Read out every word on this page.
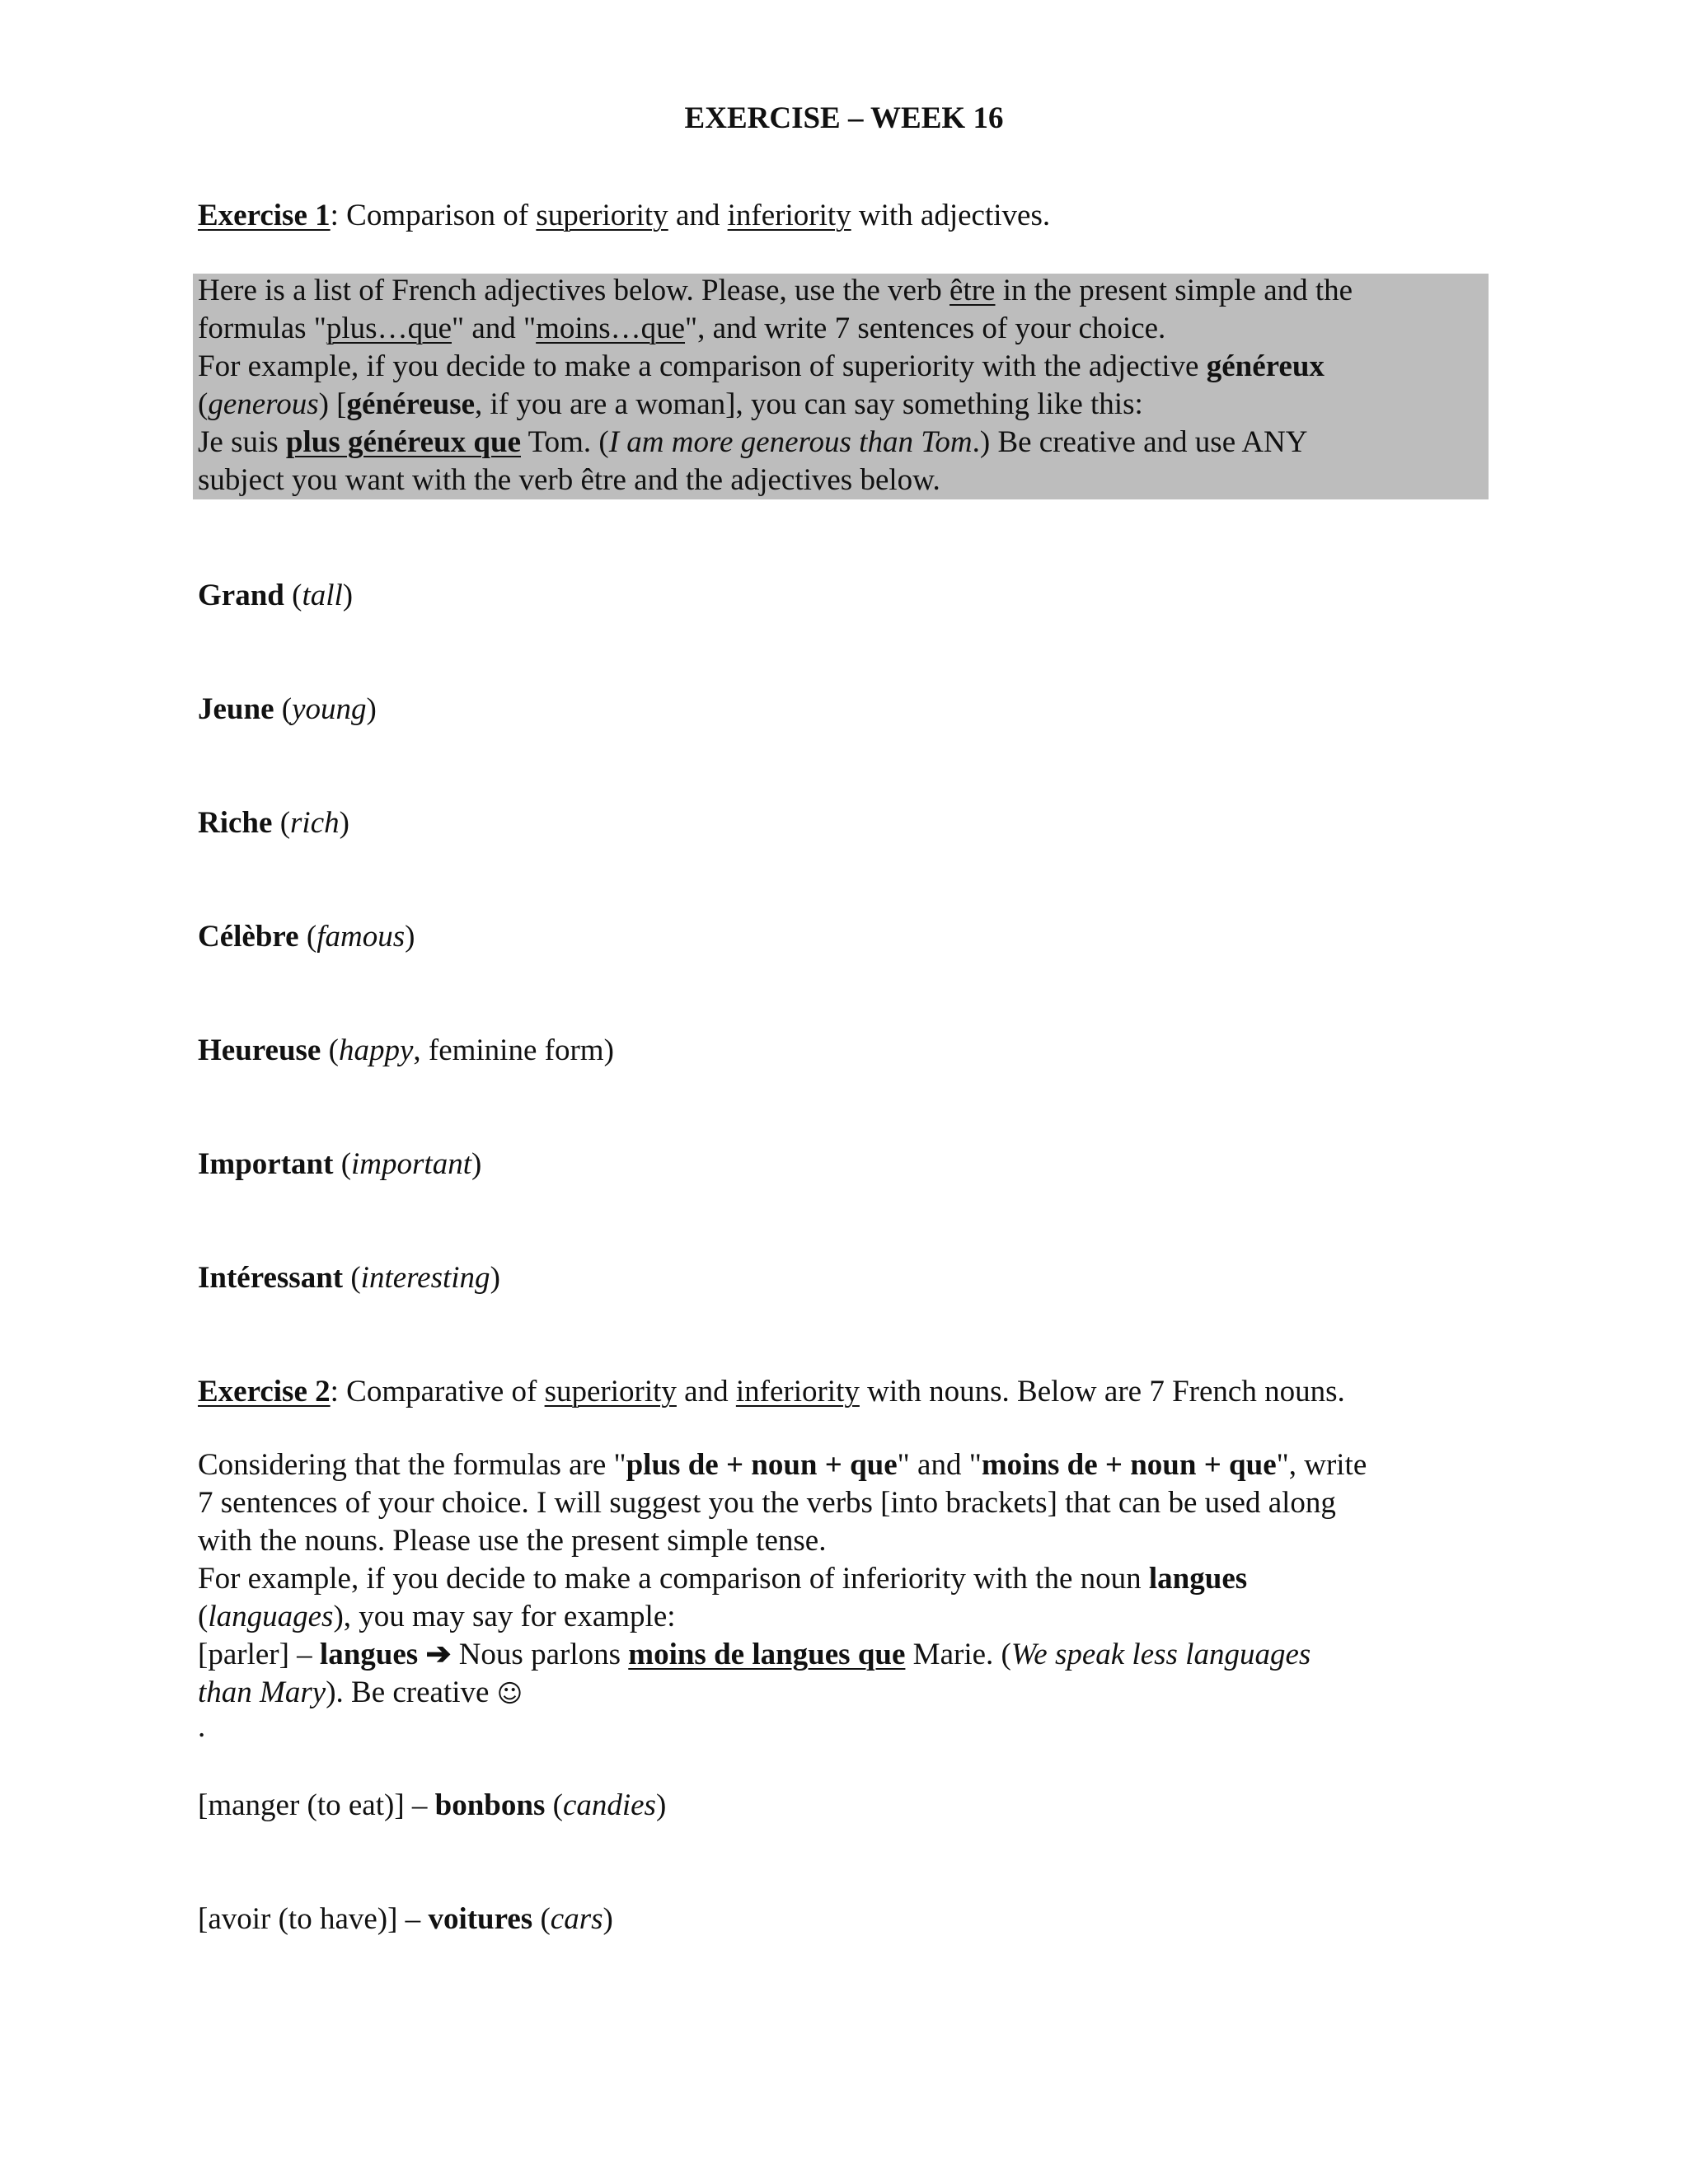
EXERCISE – WEEK 16
Exercise 1: Comparison of superiority and inferiority with adjectives.
Here is a list of French adjectives below. Please, use the verb être in the present simple and the
formulas "plus…que" and "moins…que", and write 7 sentences of your choice.
For example, if you decide to make a comparison of superiority with the adjective généreux
(generous) [généreuse, if you are a woman], you can say something like this:
Je suis plus généreux que Tom. (I am more generous than Tom.) Be creative and use ANY
subject you want with the verb être and the adjectives below.
Grand (tall)
Jeune (young)
Riche (rich)
Célèbre (famous)
Heureuse (happy, feminine form)
Important (important)
Intéressant (interesting)
Exercise 2: Comparative of superiority and inferiority with nouns. Below are 7 French nouns.
Considering that the formulas are "plus de + noun + que" and "moins de + noun + que", write
7 sentences of your choice. I will suggest you the verbs [into brackets] that can be used along
with the nouns. Please use the present simple tense.
For example, if you decide to make a comparison of inferiority with the noun langues
(languages), you may say for example:
[parler] – langues ➔ Nous parlons moins de langues que Marie. (We speak less languages
than Mary). Be creative ☺
.
[manger (to eat)] – bonbons (candies)
[avoir (to have)] – voitures (cars)
